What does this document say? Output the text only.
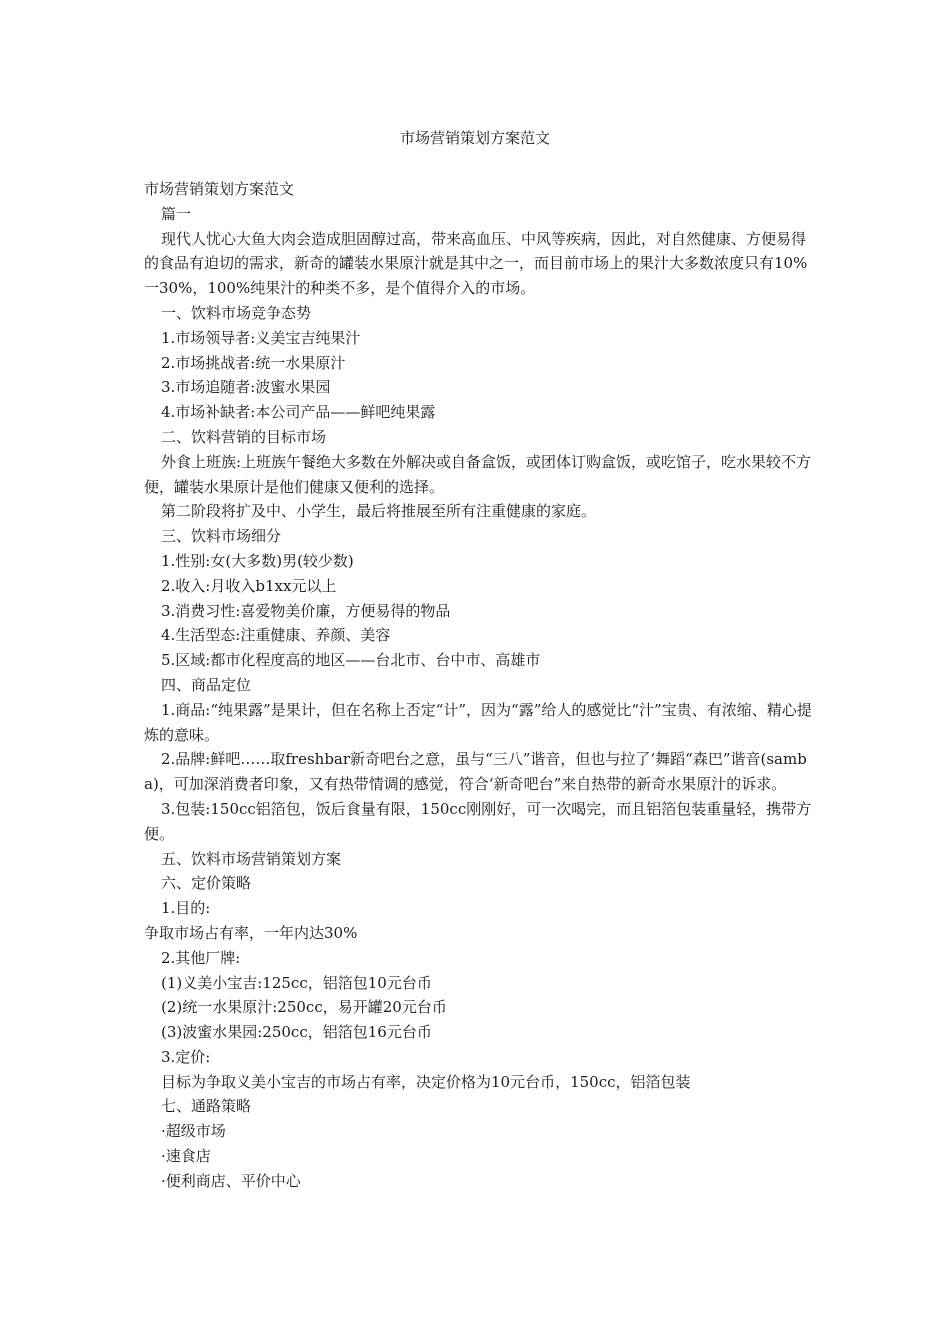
市场营销策划方案范文

市场营销策划方案范文

篇一

现代人忧心大鱼大肉会造成胆固醇过高，带来高血压、中风等疾病，因此，对自然健康、方便易得的食品有迫切的需求，新奇的罐装水果原汁就是其中之一，而目前市场上的果汁大多数浓度只有10%一30%，100%纯果汁的种类不多，是个值得介入的市场。

一、饮料市场竞争态势

1.市场领导者:义美宝吉纯果汁

2.市场挑战者:统一水果原汁

3.市场追随者:波蜜水果园

4.市场补缺者:本公司产品——鲜吧纯果露

二、饮料营销的目标市场

外食上班族:上班族午餐绝大多数在外解决或自备盒饭，或团体订购盒饭，或吃馆子，吃水果较不方便，罐装水果原计是他们健康又便利的选择。

第二阶段将扩及中、小学生，最后将推展至所有注重健康的家庭。

三、饮料市场细分

1.性别:女(大多数)男(较少数)

2.收入:月收入b1xx元以上

3.消费习性:喜爱物美价廉，方便易得的物品

4.生活型态:注重健康、养颜、美容

5.区域:都市化程度高的地区——台北市、台中市、高雄市

四、商品定位

1.商品:“纯果露”是果计，但在名称上否定“计”，因为“露”给人的感觉比“汁”宝贵、有浓缩、精心提炼的意味。

2.品牌:鲜吧……取freshbar新奇吧台之意，虽与“三八”谐音，但也与拉了‘舞蹈“森巴”谐音(samba)，可加深消费者印象，又有热带情调的感觉，符合‘新奇吧台”来自热带的新奇水果原汁的诉求。

3.包装:150cc铝箔包，饭后食量有限，150cc刚刚好，可一次喝完，而且铝箔包装重量轻，携带方便。

五、饮料市场营销策划方案

六、定价策略

1.目的:

争取市场占有率，一年内达30%

2.其他厂牌:

(1)义美小宝吉:125cc，铝箔包10元台币

(2)统一水果原汁:250cc，易开罐20元台币

(3)波蜜水果园:250cc，铝箔包16元台币

3.定价:

目标为争取义美小宝吉的市场占有率，决定价格为10元台币，150cc，铝箔包装

七、通路策略

·超级市场

·速食店

·便利商店、平价中心
